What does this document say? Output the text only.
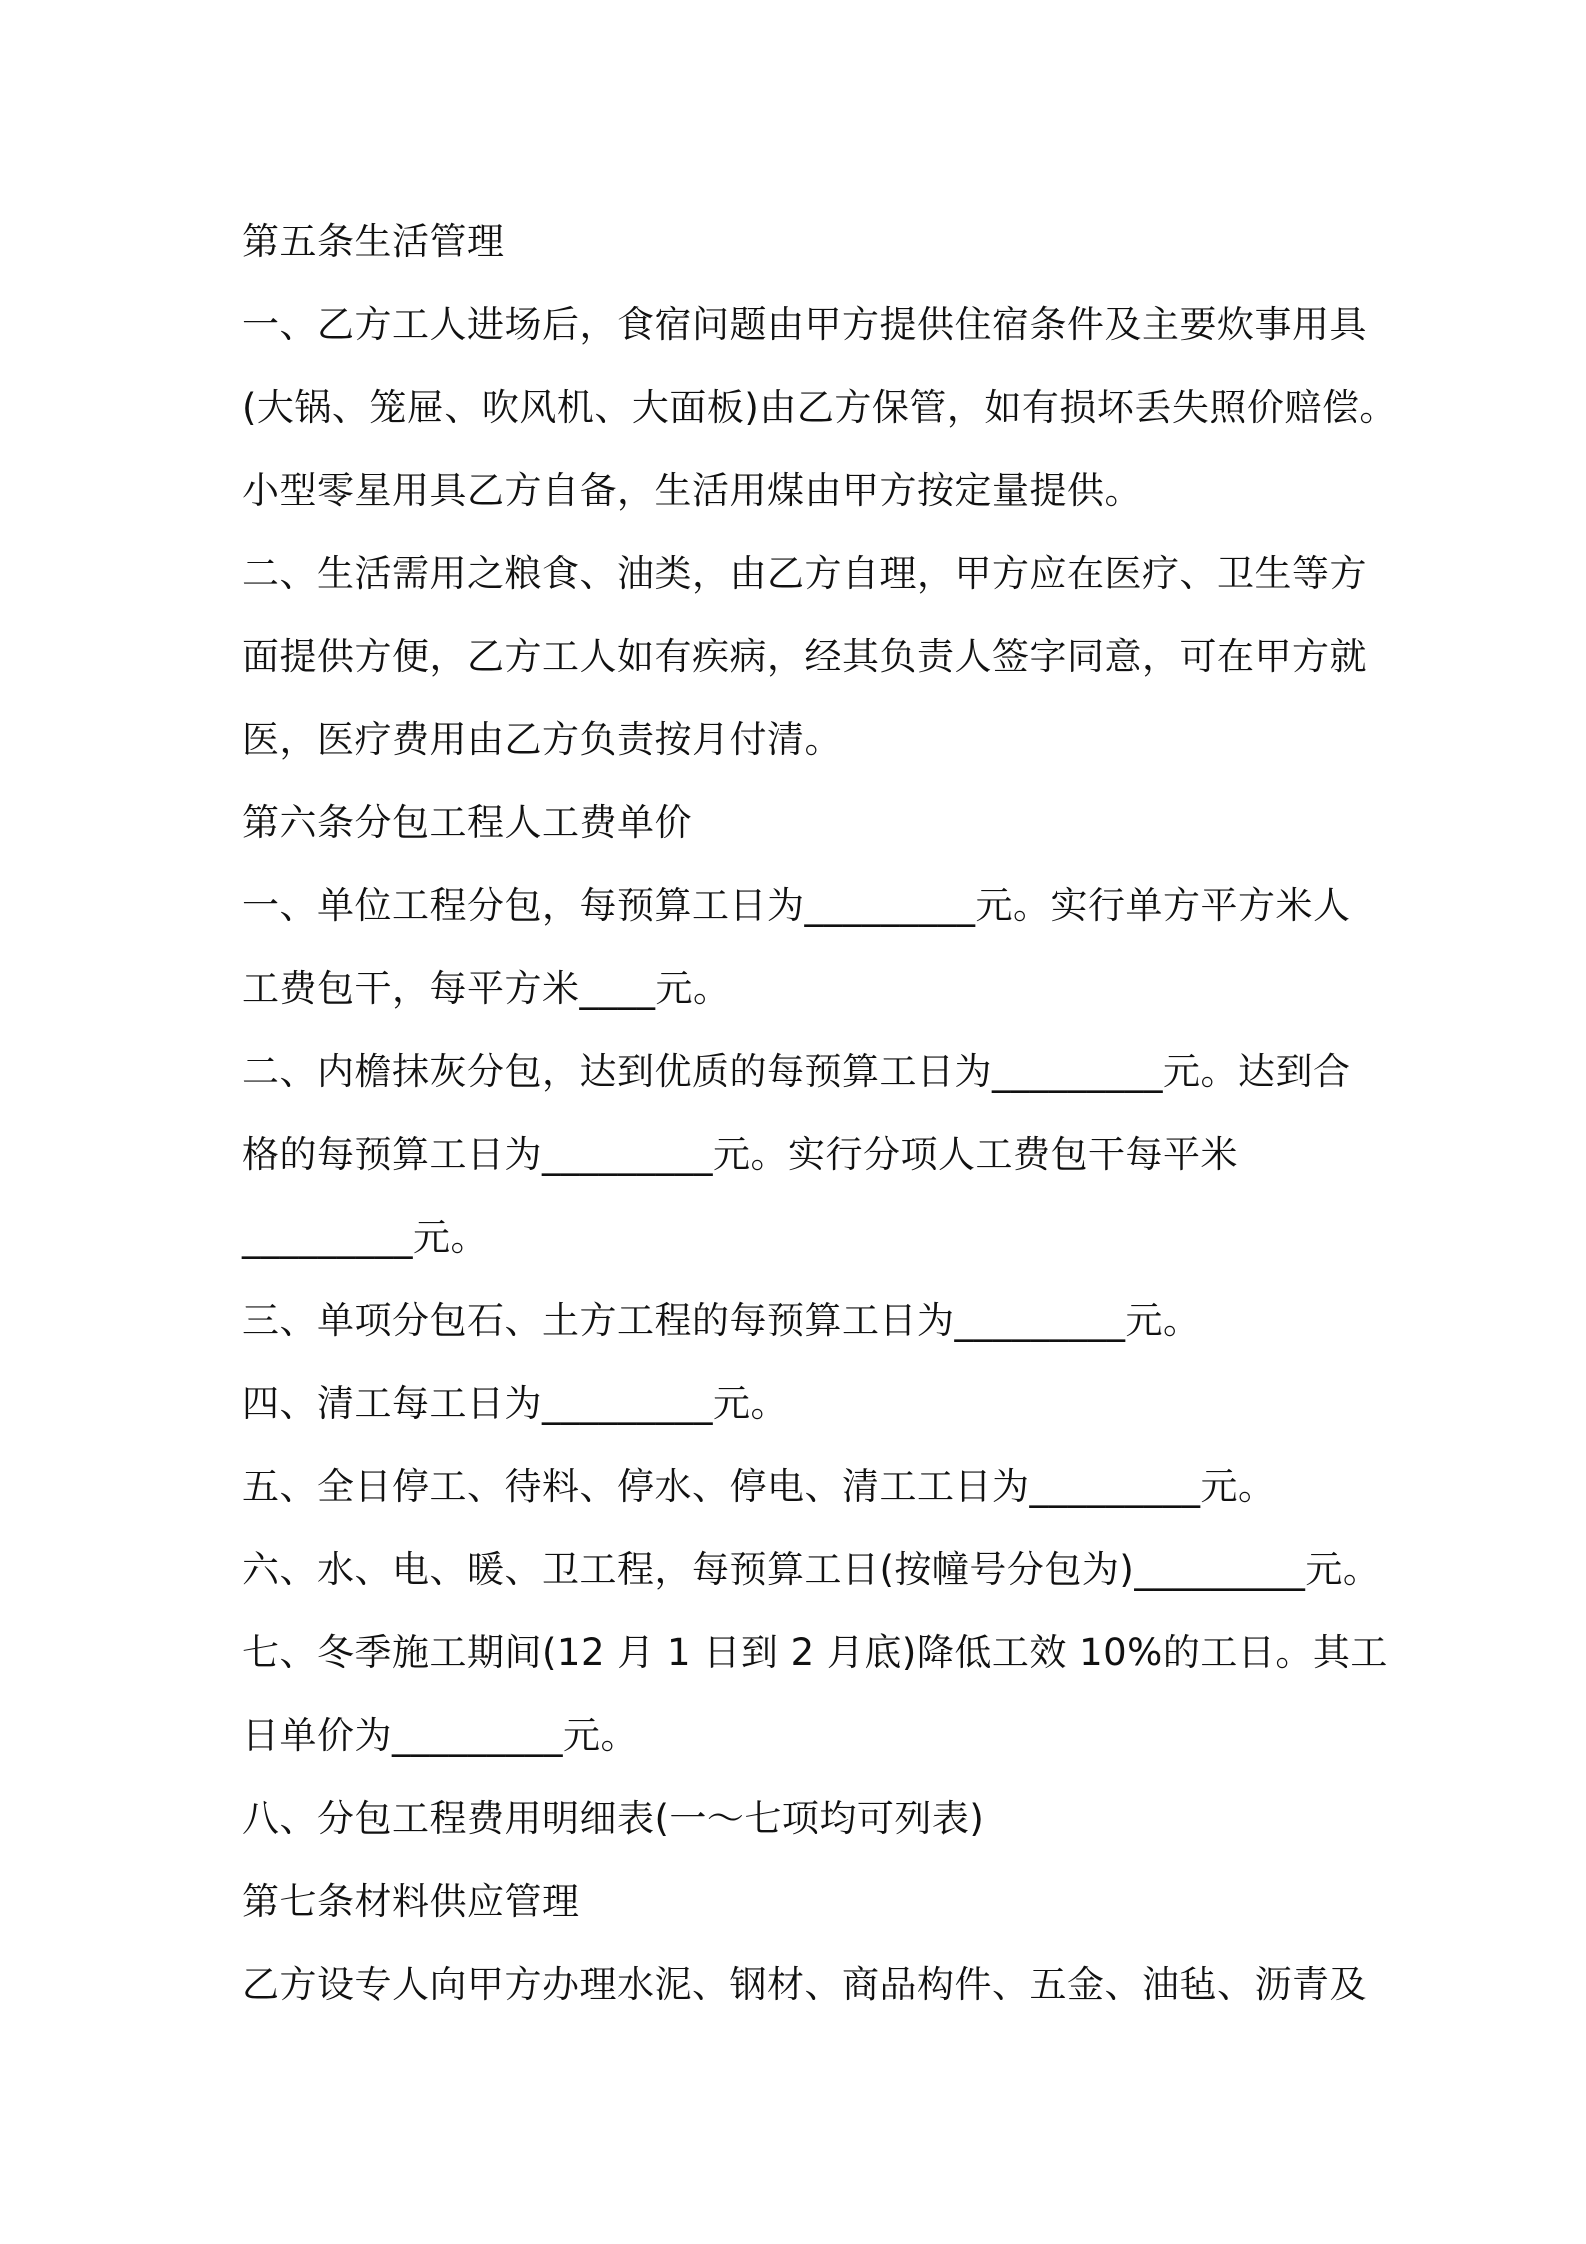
第五条生活管理
一、乙方工人进场后，食宿问题由甲方提供住宿条件及主要炊事用具
(大锅、笼屉、吹风机、大面板)由乙方保管，如有损坏丢失照价赔偿。
小型零星用具乙方自备，生活用煤由甲方按定量提供。
二、生活需用之粮食、油类，由乙方自理，甲方应在医疗、卫生等方
面提供方便，乙方工人如有疾病，经其负责人签字同意，可在甲方就
医，医疗费用由乙方负责按月付清。
第六条分包工程人工费单价
一、单位工程分包，每预算工日为_________元。实行单方平方米人
工费包干，每平方米____元。
二、内檐抹灰分包，达到优质的每预算工日为_________元。达到合
格的每预算工日为_________元。实行分项人工费包干每平米
_________元。
三、单项分包石、土方工程的每预算工日为_________元。
四、清工每工日为_________元。
五、全日停工、待料、停水、停电、清工工日为_________元。
六、水、电、暖、卫工程，每预算工日(按幢号分包为)_________元。
七、冬季施工期间(12 月 1 日到 2 月底)降低工效 10%的工日。其工
日单价为_________元。
八、分包工程费用明细表(一～七项均可列表)
第七条材料供应管理
乙方设专人向甲方办理水泥、钢材、商品构件、五金、油毡、沥青及
